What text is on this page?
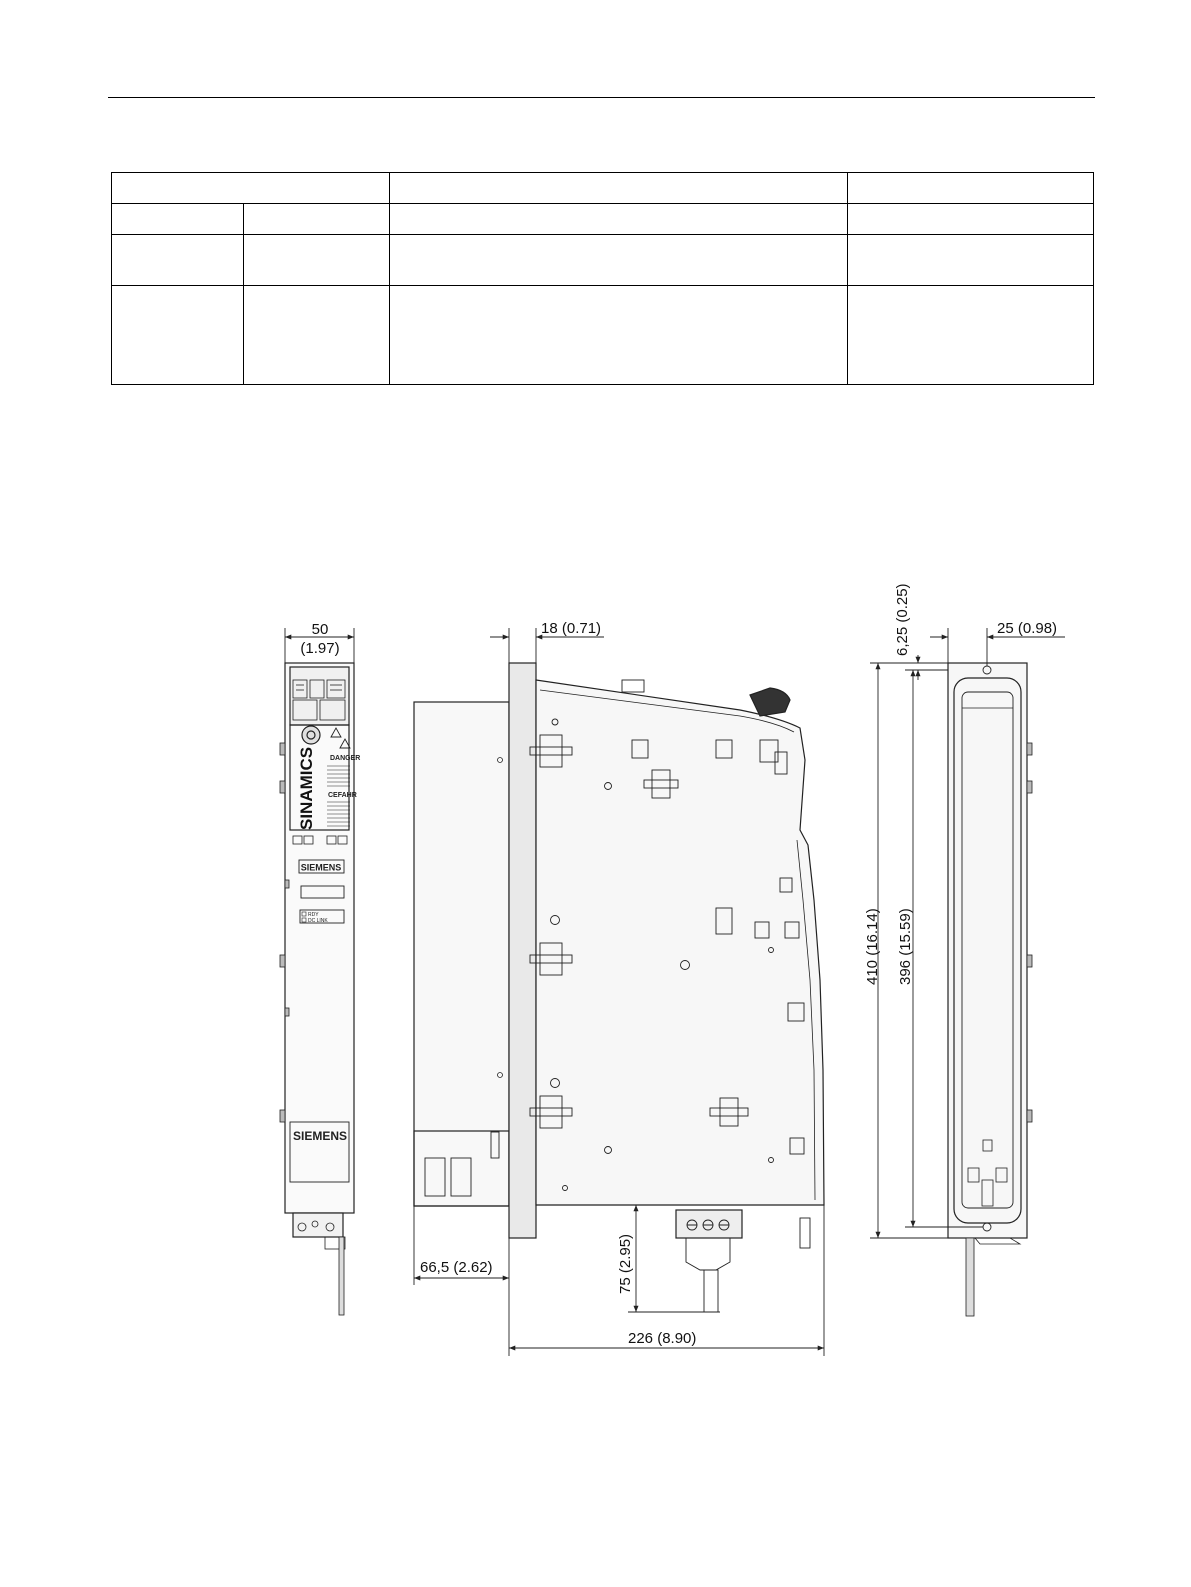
SINAMICS DANGER
CEFAHR
SIEMENS
RDY
DC LINK
SIEMENS
50
(1.97)
18 (0.71)
66,5 (2.62)	75 (2.95)
226 (8.90)
6,25 (0.25)	25 (0.98)
410 (16.14) 396 (15.59)
